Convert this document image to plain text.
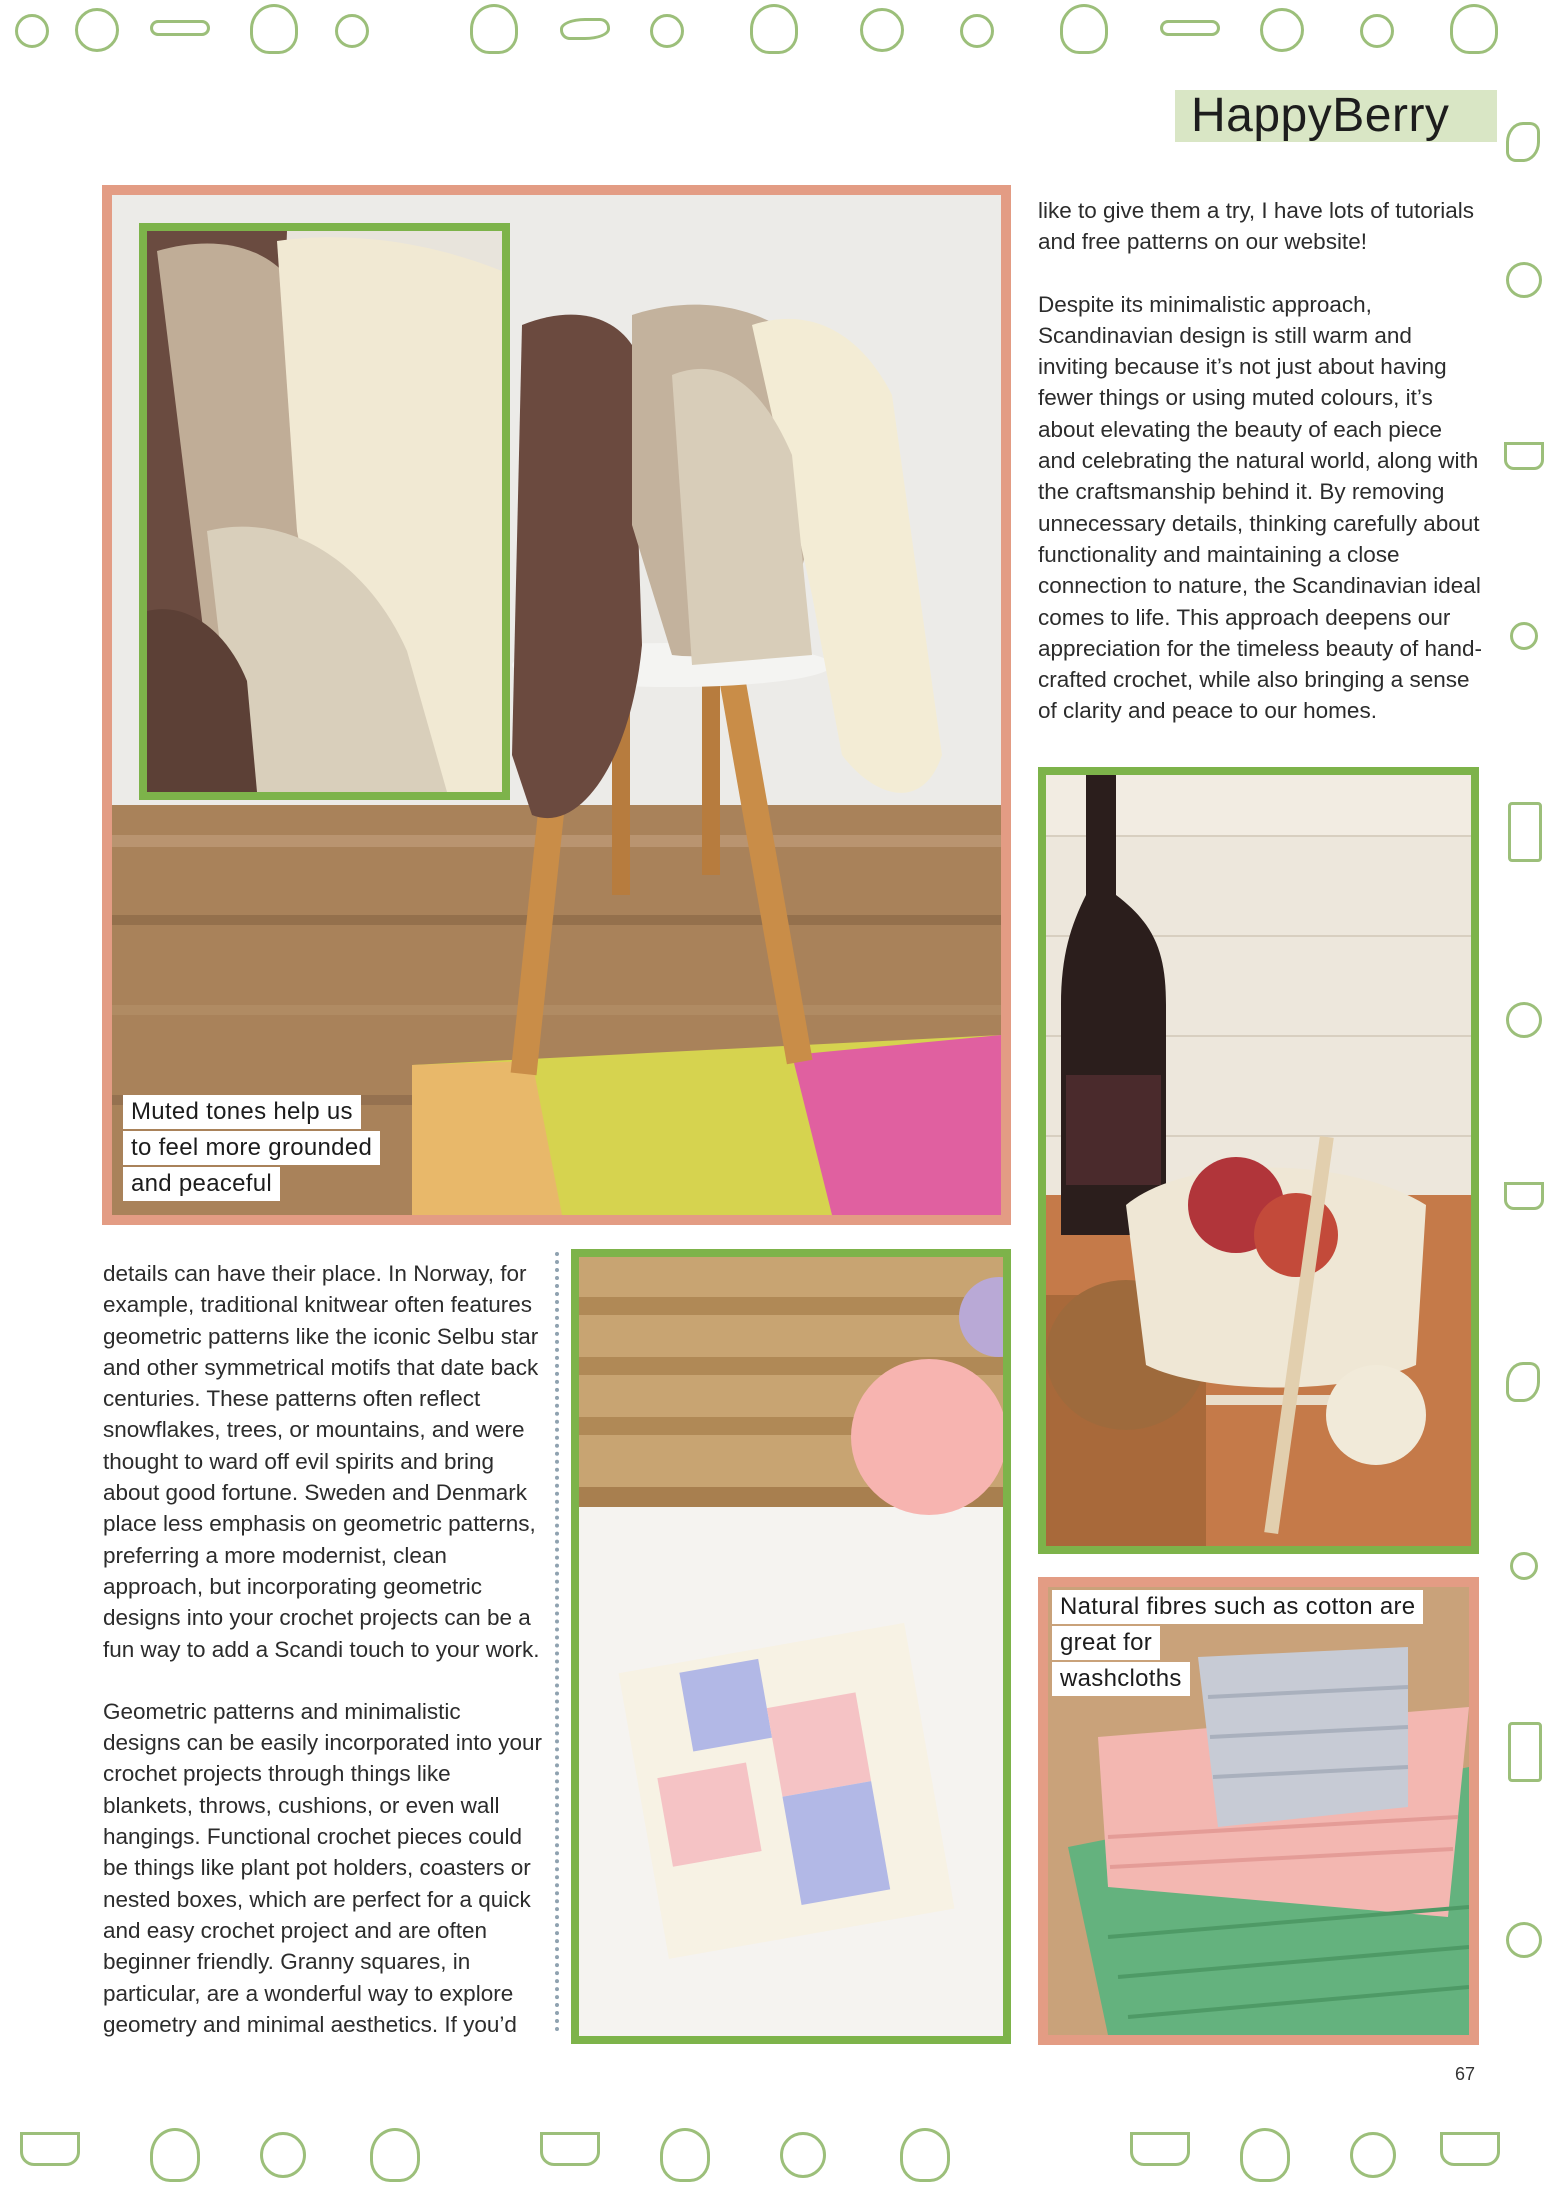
HappyBerry
Muted tones help us
to feel more grounded
and peaceful

like to give them a try, I have lots of tutorials and free patterns on our website!

Despite its minimalistic approach, Scandinavian design is still warm and inviting because it’s not just about having fewer things or using muted colours, it’s about elevating the beauty of each piece and celebrating the natural world, along with the craftsmanship behind it. By removing unnecessary details, thinking carefully about functionality and maintaining a close connection to nature, the Scandinavian ideal comes to life. This approach deepens our appreciation for the timeless beauty of hand-crafted crochet, while also bringing a sense of clarity and peace to our homes.

details can have their place. In Norway, for example, traditional knitwear often features geometric patterns like the iconic Selbu star and other symmetrical motifs that date back centuries. These patterns often reflect snowflakes, trees, or mountains, and were thought to ward off evil spirits and bring about good fortune. Sweden and Denmark place less emphasis on geometric patterns, preferring a more modernist, clean approach, but incorporating geometric designs into your crochet projects can be a fun way to add a Scandi touch to your work.

Geometric patterns and minimalistic designs can be easily incorporated into your crochet projects through things like blankets, throws, cushions, or even wall hangings. Functional crochet pieces could be things like plant pot holders, coasters or nested boxes, which are perfect for a quick and easy crochet project and are often beginner friendly. Granny squares, in particular, are a wonderful way to explore geometry and minimal aesthetics. If you’d

Natural fibres such as cotton are
great for
washcloths
67
